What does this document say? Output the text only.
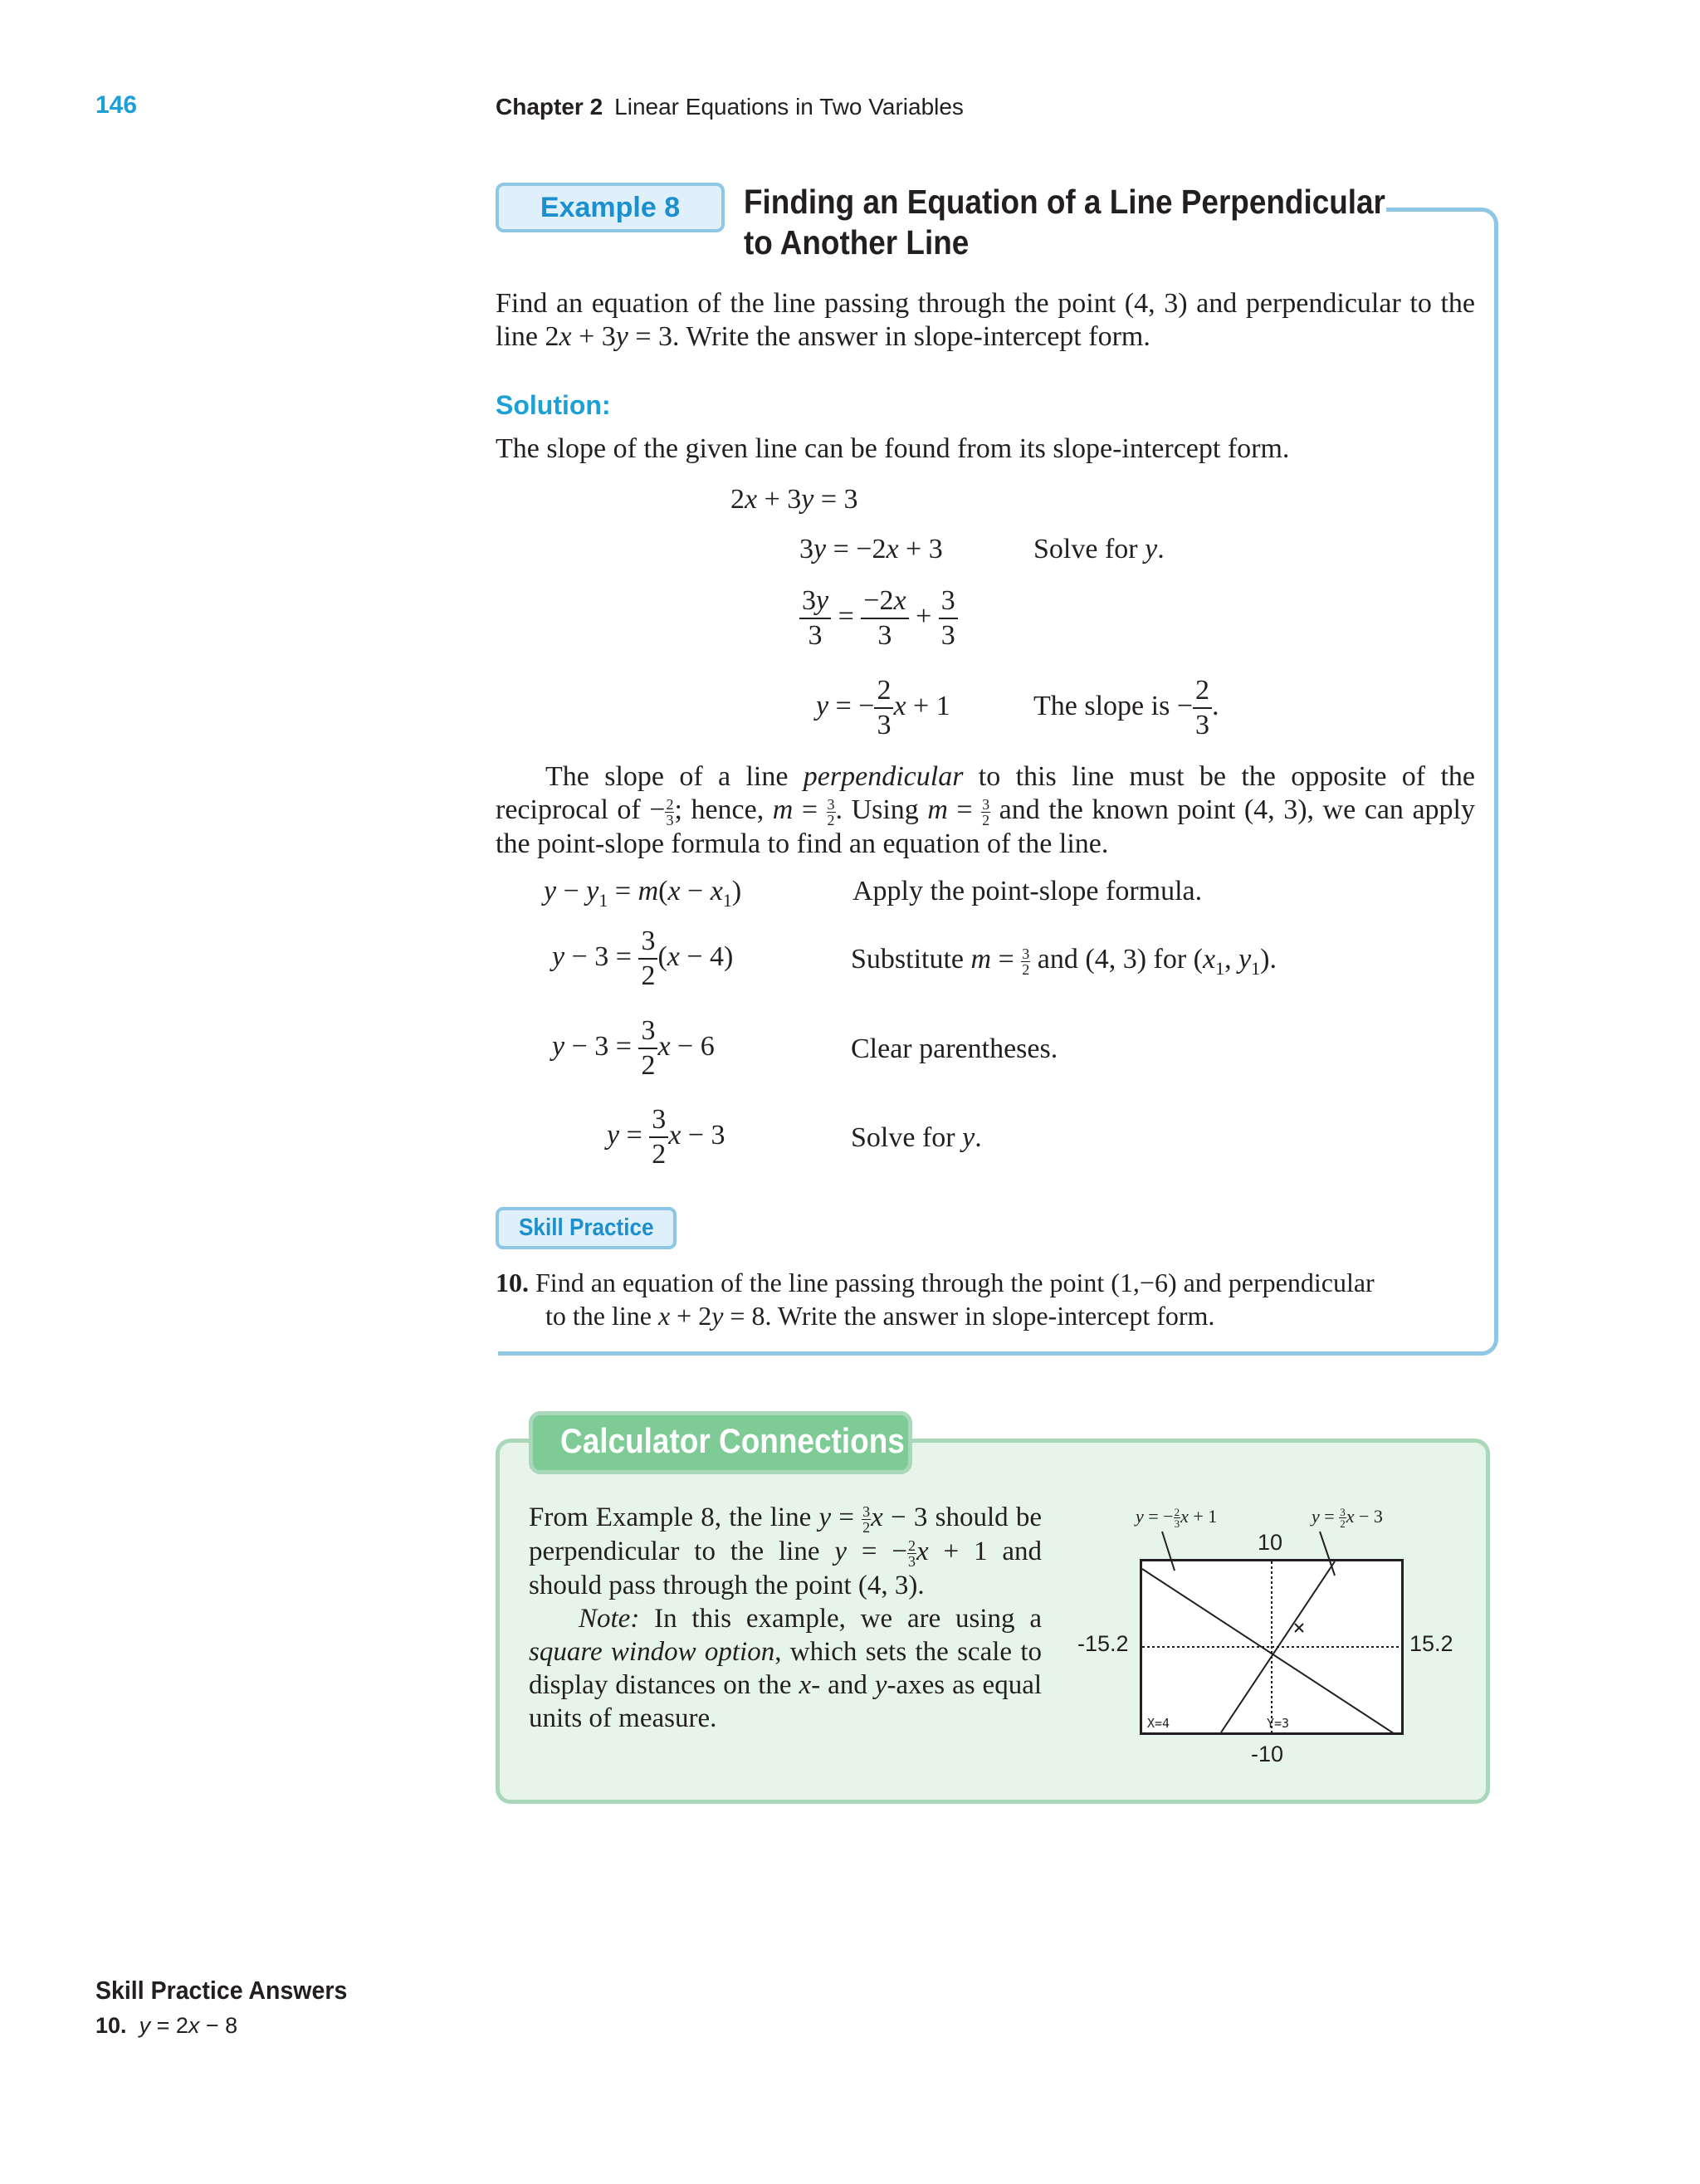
146	Chapter 2 Linear Equations in Two Variables
Example 8	Finding an Equation of a Line Perpendicular
to Another Line
Find an equation of the line passing through the point (4, 3) and perpendicular to the line 2x + 3y = 3. Write the answer in slope-intercept form.
Solution:
The slope of the given line can be found from its slope-intercept form.
2x + 3y = 3
3y = −2x + 3	Solve for y.
$\frac{3y}{3} = \frac{-2x}{3} + \frac{3}{3}$
y = − $\frac{2}{3}$ x + 1	The slope is − $\frac{2}{3}$ .
The slope of a line perpendicular to this line must be the opposite of the reciprocal of − $\frac{2}{3}$ ; hence, $m = \frac{3}{2}$ . Using $m = \frac{3}{2}$ and the known point (4, 3), we can apply the point-slope formula to find an equation of the line.
$y - y_1 = m(x - x_1)$	Apply the point-slope formula.
$y - 3 = \frac{3}{2} (x - 4)$	Substitute $m = \frac{3}{2}$ and (4, 3) for ($x_1$, $y_1$).
$y - 3 = \frac{3}{2}$ x − 6	Clear parentheses.
$y = \frac{3}{2}$ x − 3	Solve for y.
Skill Practice
10. Find an equation of the line passing through the point (1,−6) and perpendicular
to the line x + 2y = 8. Write the answer in slope-intercept form.
Calculator Connections
From Example 8, the line $y = \frac{3}{2}$ x − 3 should be perpendicular to the line y = − $\frac{2}{3}$ x + 1 and should pass through the point (4, 3).
Note: In this example, we are using a square window option, which sets the scale to display distances on the x- and y-axes as equal units of measure.
y = − $\frac{2}{3}$ x + 1	$y = \frac{3}{2}$ x − 3
10
-10
-15.2	15.2
X=4	Y=3
Skill Practice Answers
10. y = 2x − 8
